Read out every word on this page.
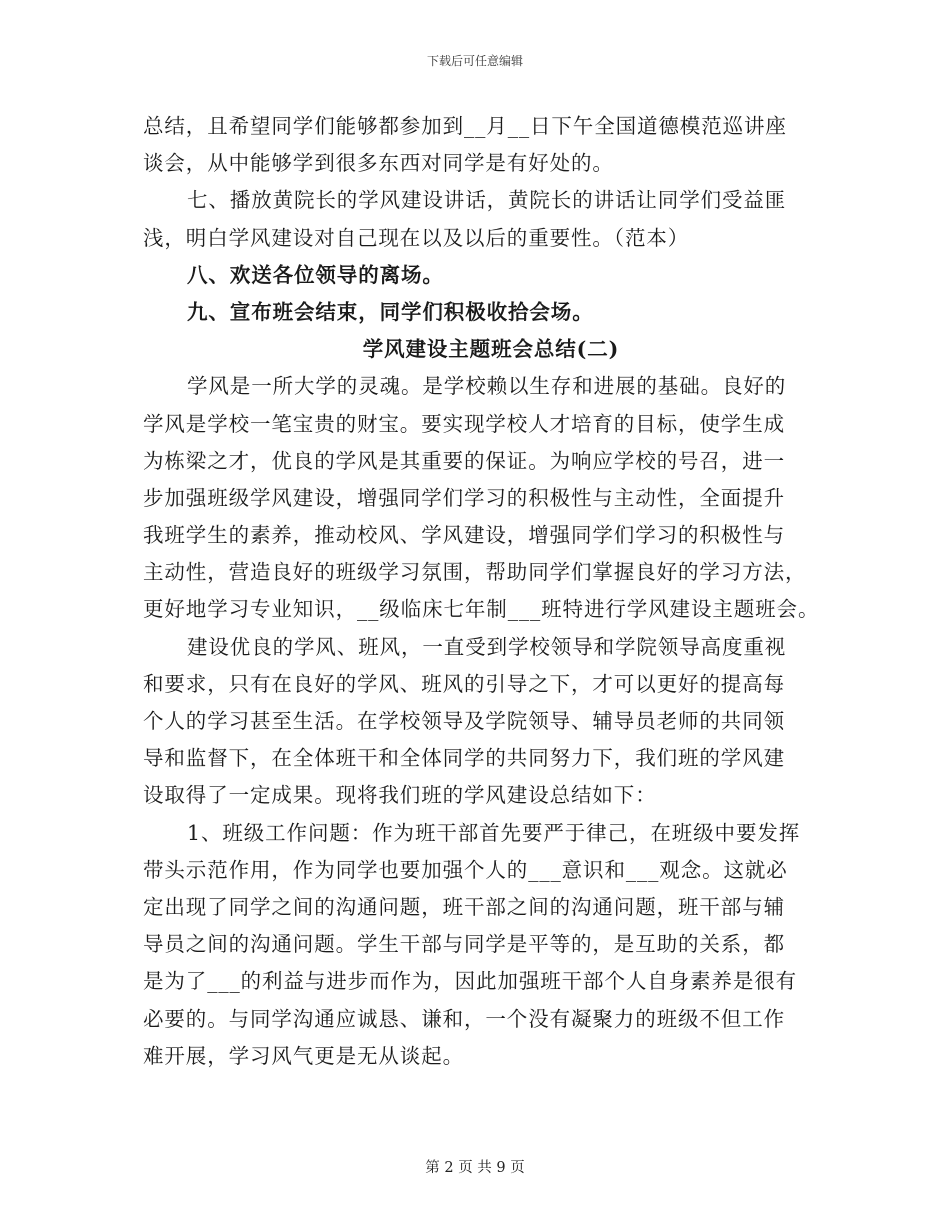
下载后可任意编辑
总结，且希望同学们能够都参加到__月__日下午全国道德模范巡讲座
谈会，从中能够学到很多东西对同学是有好处的。
七、播放黄院长的学风建设讲话，黄院长的讲话让同学们受益匪
浅，明白学风建设对自己现在以及以后的重要性。（范本）
八、欢送各位领导的离场。
九、宣布班会结束，同学们积极收拾会场。
学风建设主题班会总结(二)
学风是一所大学的灵魂。是学校赖以生存和进展的基础。良好的
学风是学校一笔宝贵的财宝。要实现学校人才培育的目标，使学生成
为栋梁之才，优良的学风是其重要的保证。为响应学校的号召，进一
步加强班级学风建设，增强同学们学习的积极性与主动性，全面提升
我班学生的素养，推动校风、学风建设，增强同学们学习的积极性与
主动性，营造良好的班级学习氛围，帮助同学们掌握良好的学习方法，
更好地学习专业知识，__级临床七年制___班特进行学风建设主题班会。
建设优良的学风、班风，一直受到学校领导和学院领导高度重视
和要求，只有在良好的学风、班风的引导之下，才可以更好的提高每
个人的学习甚至生活。在学校领导及学院领导、辅导员老师的共同领
导和监督下，在全体班干和全体同学的共同努力下，我们班的学风建
设取得了一定成果。现将我们班的学风建设总结如下：
1、班级工作问题：作为班干部首先要严于律己，在班级中要发挥
带头示范作用，作为同学也要加强个人的___意识和___观念。这就必
定出现了同学之间的沟通问题，班干部之间的沟通问题，班干部与辅
导员之间的沟通问题。学生干部与同学是平等的，是互助的关系，都
是为了___的利益与进步而作为，因此加强班干部个人自身素养是很有
必要的。与同学沟通应诚恳、谦和，一个没有凝聚力的班级不但工作
难开展，学习风气更是无从谈起。
第 2 页 共 9 页
